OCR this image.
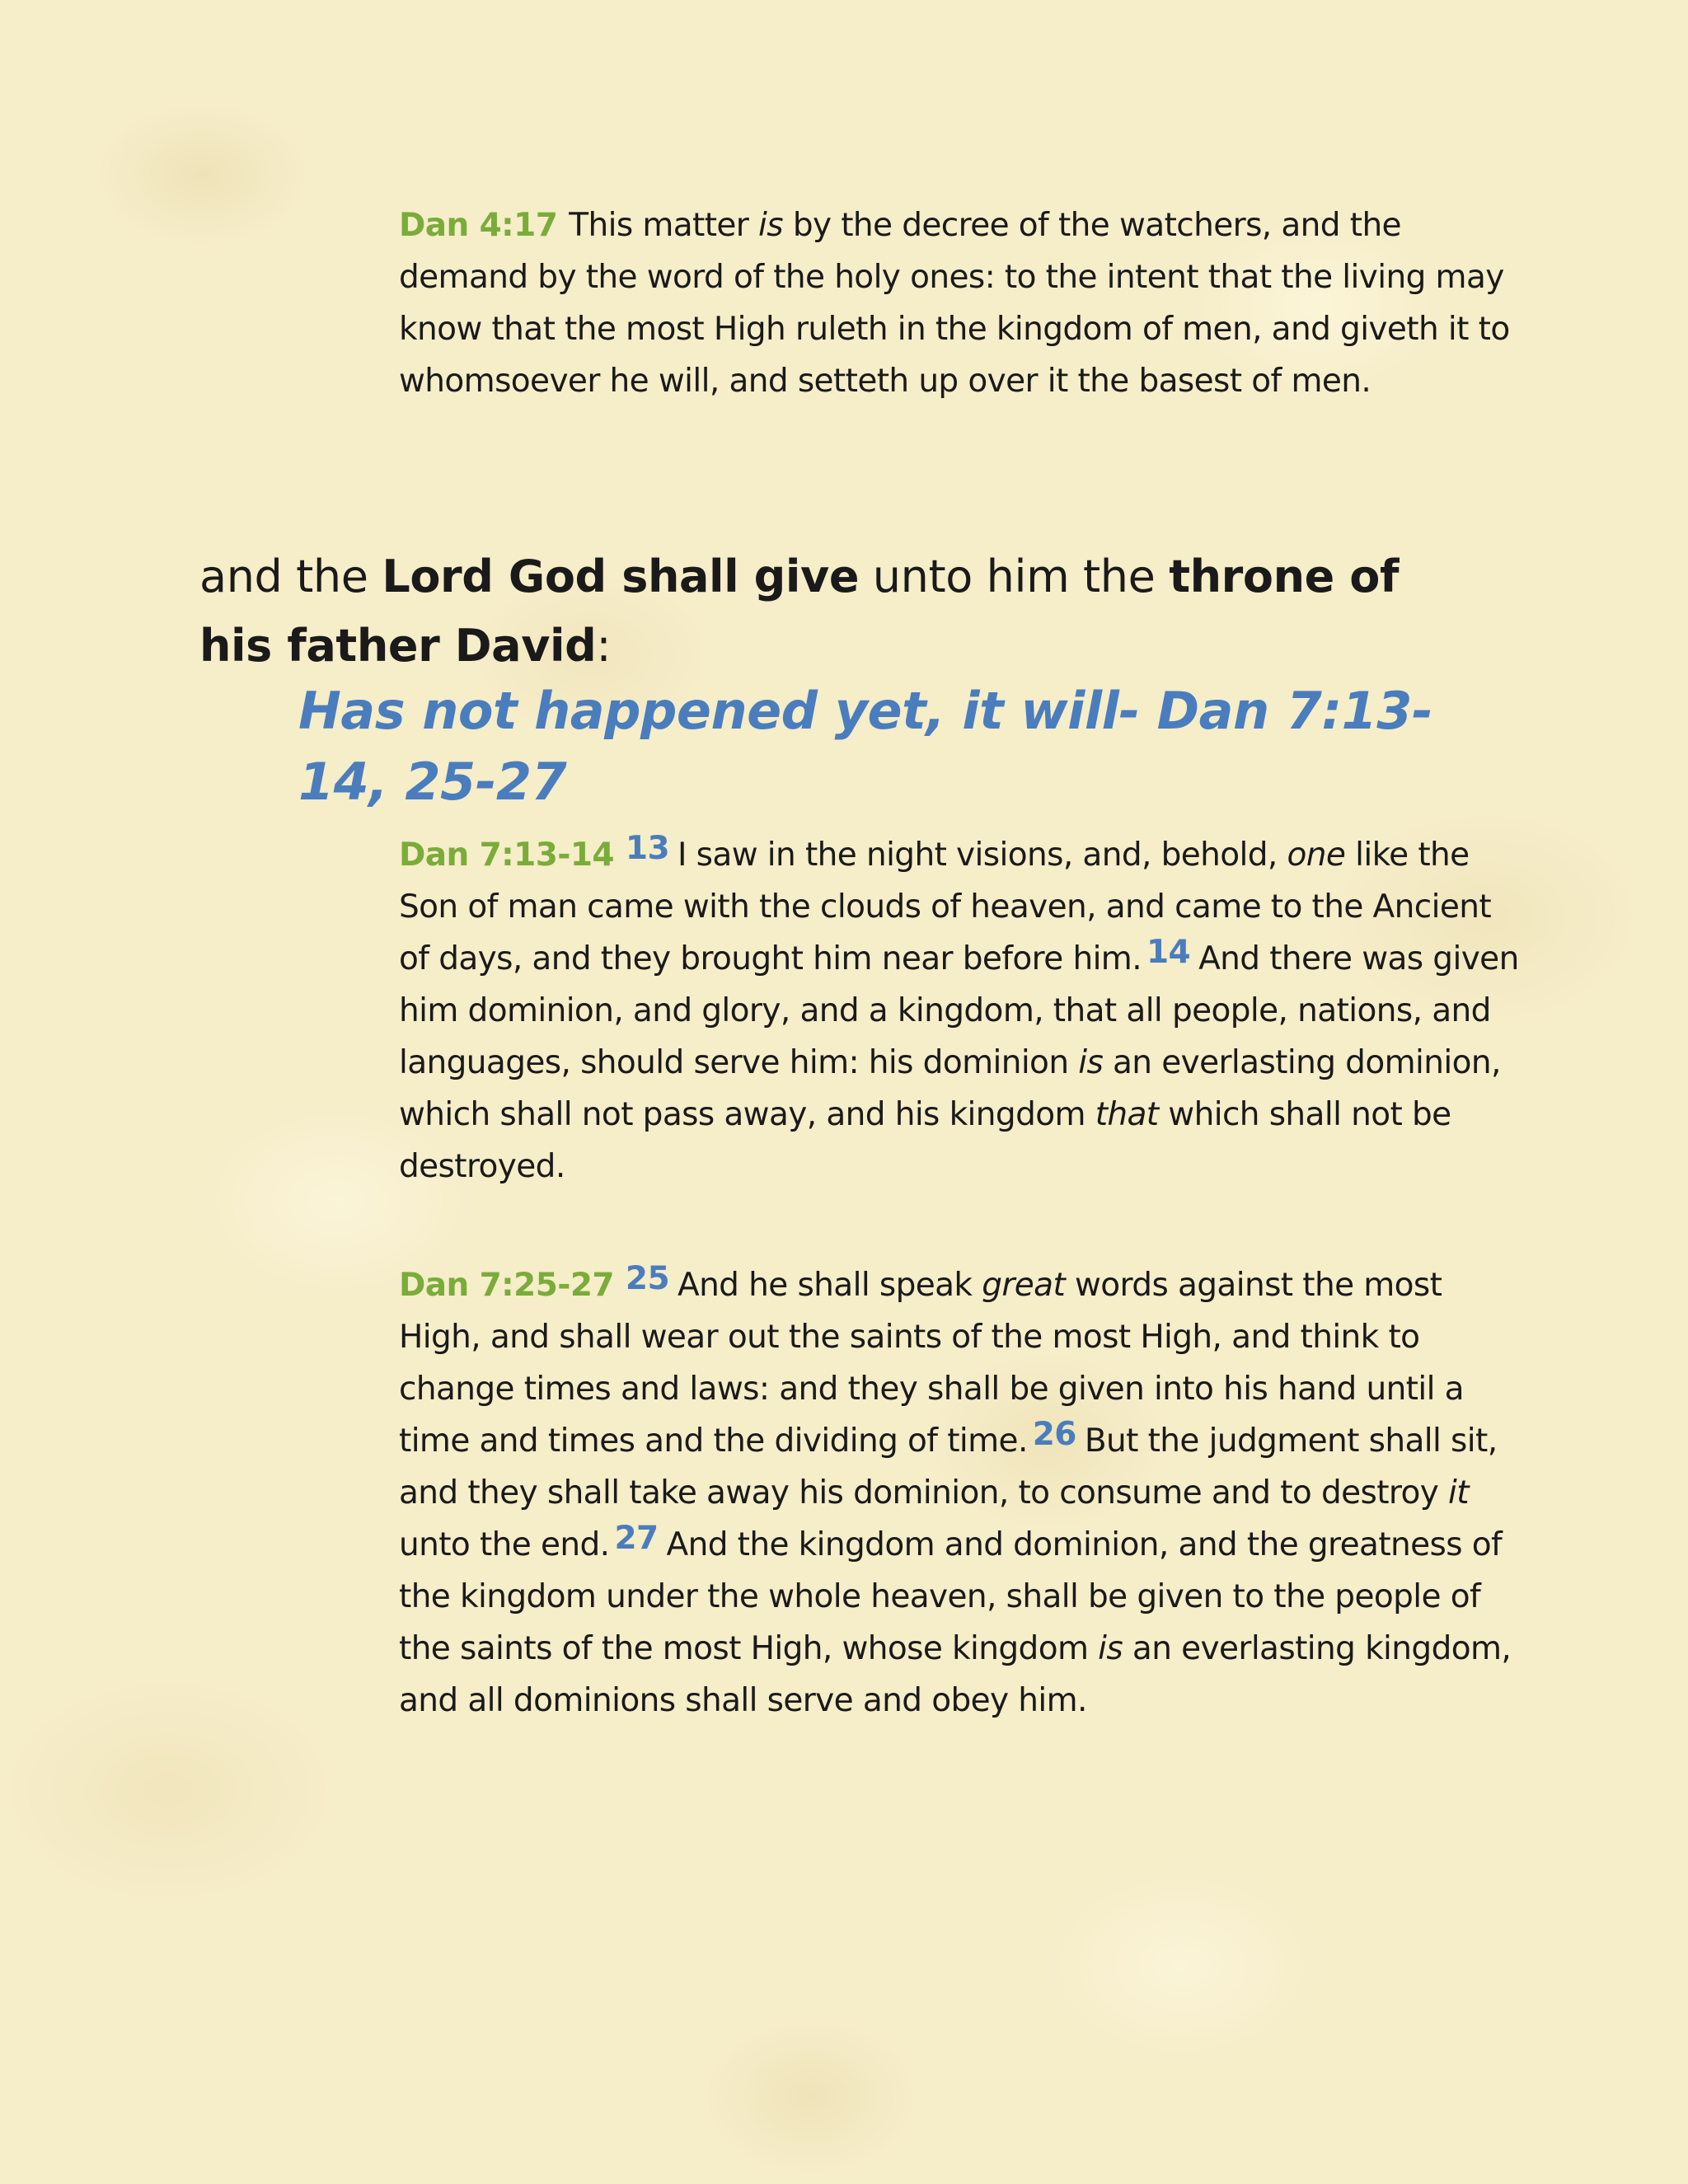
Dan 4:17 This matter is by the decree of the watchers, and the demand by the word of the holy ones: to the intent that the living may know that the most High ruleth in the kingdom of men, and giveth it to whomsoever he will, and setteth up over it the basest of men.

and the Lord God shall give unto him the throne of his father David:

Has not happened yet, it will- Dan 7:13-14, 25-27

Dan 7:13-14 13 I saw in the night visions, and, behold, one like the Son of man came with the clouds of heaven, and came to the Ancient of days, and they brought him near before him. 14 And there was given him dominion, and glory, and a kingdom, that all people, nations, and languages, should serve him: his dominion is an everlasting dominion, which shall not pass away, and his kingdom that which shall not be destroyed.

Dan 7:25-27 25 And he shall speak great words against the most High, and shall wear out the saints of the most High, and think to change times and laws: and they shall be given into his hand until a time and times and the dividing of time. 26 But the judgment shall sit, and they shall take away his dominion, to consume and to destroy it unto the end. 27 And the kingdom and dominion, and the greatness of the kingdom under the whole heaven, shall be given to the people of the saints of the most High, whose kingdom is an everlasting kingdom, and all dominions shall serve and obey him.
